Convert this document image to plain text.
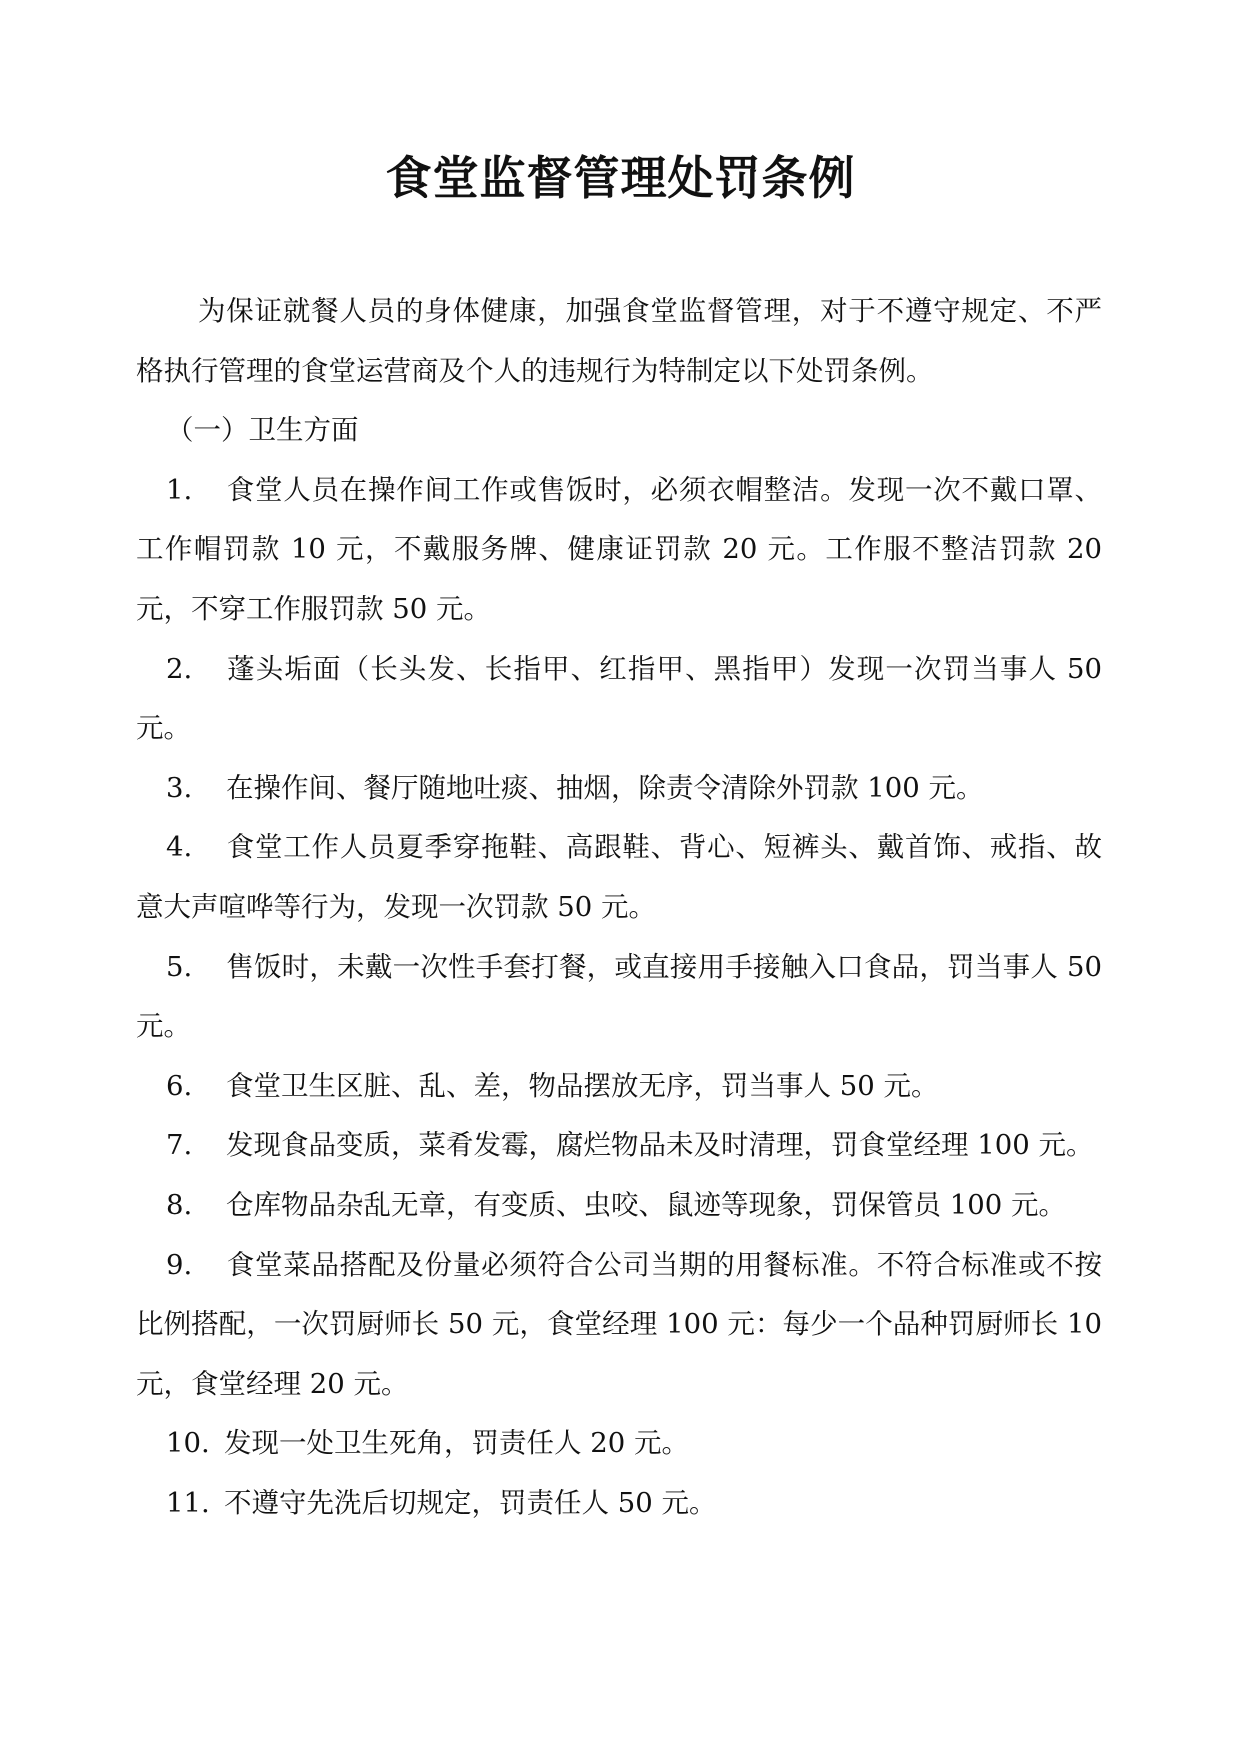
食堂监督管理处罚条例

为保证就餐人员的身体健康，加强食堂监督管理，对于不遵守规定、不严格执行管理的食堂运营商及个人的违规行为特制定以下处罚条例。

（一）卫生方面

1. 食堂人员在操作间工作或售饭时，必须衣帽整洁。发现一次不戴口罩、工作帽罚款 10 元，不戴服务牌、健康证罚款 20 元。工作服不整洁罚款 20 元，不穿工作服罚款 50 元。

2. 蓬头垢面（长头发、长指甲、红指甲、黑指甲）发现一次罚当事人 50 元。

3. 在操作间、餐厅随地吐痰、抽烟，除责令清除外罚款 100 元。

4. 食堂工作人员夏季穿拖鞋、高跟鞋、背心、短裤头、戴首饰、戒指、故意大声喧哗等行为，发现一次罚款 50 元。

5. 售饭时，未戴一次性手套打餐，或直接用手接触入口食品，罚当事人 50 元。

6. 食堂卫生区脏、乱、差，物品摆放无序，罚当事人 50 元。

7. 发现食品变质，菜肴发霉，腐烂物品未及时清理，罚食堂经理 100 元。

8. 仓库物品杂乱无章，有变质、虫咬、鼠迹等现象，罚保管员 100 元。

9. 食堂菜品搭配及份量必须符合公司当期的用餐标准。不符合标准或不按比例搭配，一次罚厨师长 50 元，食堂经理 100 元：每少一个品种罚厨师长 10 元，食堂经理 20 元。

10. 发现一处卫生死角，罚责任人 20 元。

11. 不遵守先洗后切规定，罚责任人 50 元。
